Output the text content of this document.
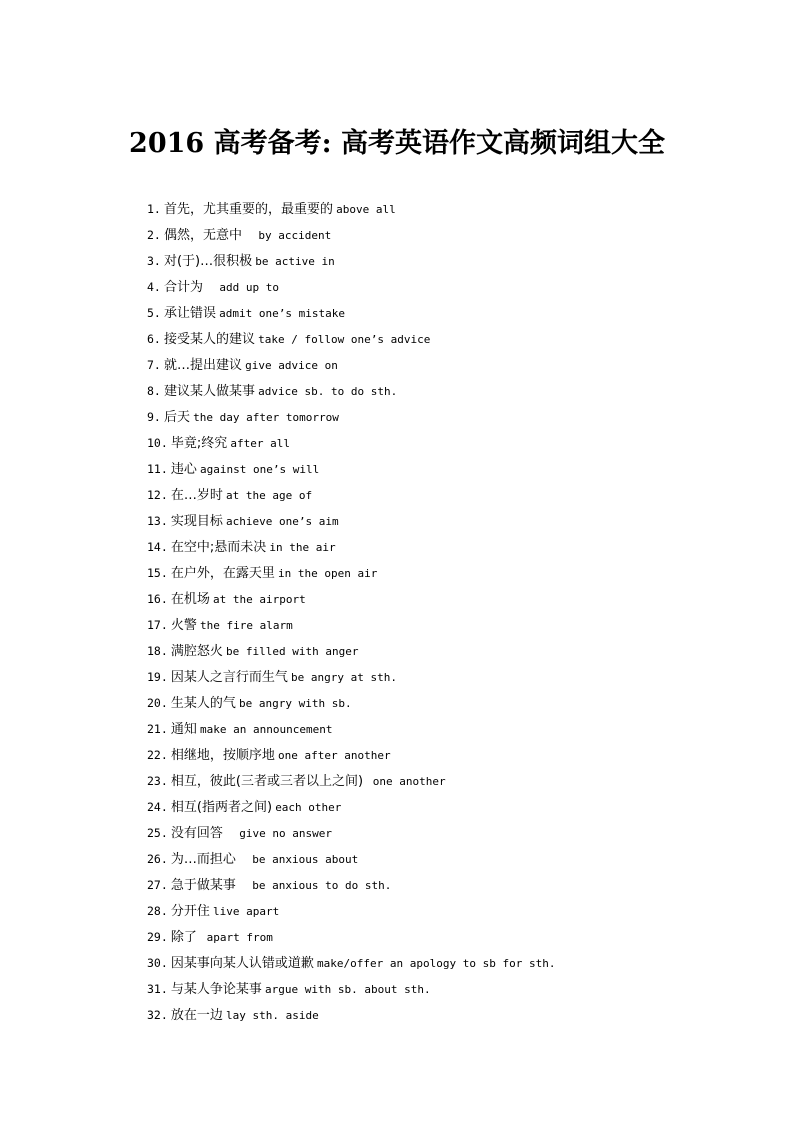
2016 高考备考: 高考英语作文高频词组大全
1. 首先，尤其重要的，最重要的 above all
2. 偶然，无意中   by accident
3. 对(于)…很积极 be active in
4. 合计为   add up to
5. 承让错误 admit one’s mistake
6. 接受某人的建议 take / follow one’s advice
7. 就…提出建议 give advice on
8. 建议某人做某事 advice sb. to do sth.
9. 后天 the day after tomorrow
10. 毕竟;终究 after all
11. 违心 against one’s will
12. 在…岁时 at the age of
13. 实现目标 achieve one’s aim
14. 在空中;悬而未决 in the air
15. 在户外，在露天里 in the open air
16. 在机场 at the airport
17. 火警 the fire alarm
18. 满腔怒火 be filled with anger
19. 因某人之言行而生气 be angry at sth.
20. 生某人的气 be angry with sb.
21. 通知 make an announcement
22. 相继地，按顺序地 one after another
23. 相互，彼此(三者或三者以上之间)  one another
24. 相互(指两者之间) each other
25. 没有回答   give no answer
26. 为…而担心   be anxious about
27. 急于做某事   be anxious to do sth.
28. 分开住 live apart
29. 除了  apart from
30. 因某事向某人认错或道歉 make/offer an apology to sb for sth.
31. 与某人争论某事 argue with sb. about sth.
32. 放在一边 lay sth. aside
